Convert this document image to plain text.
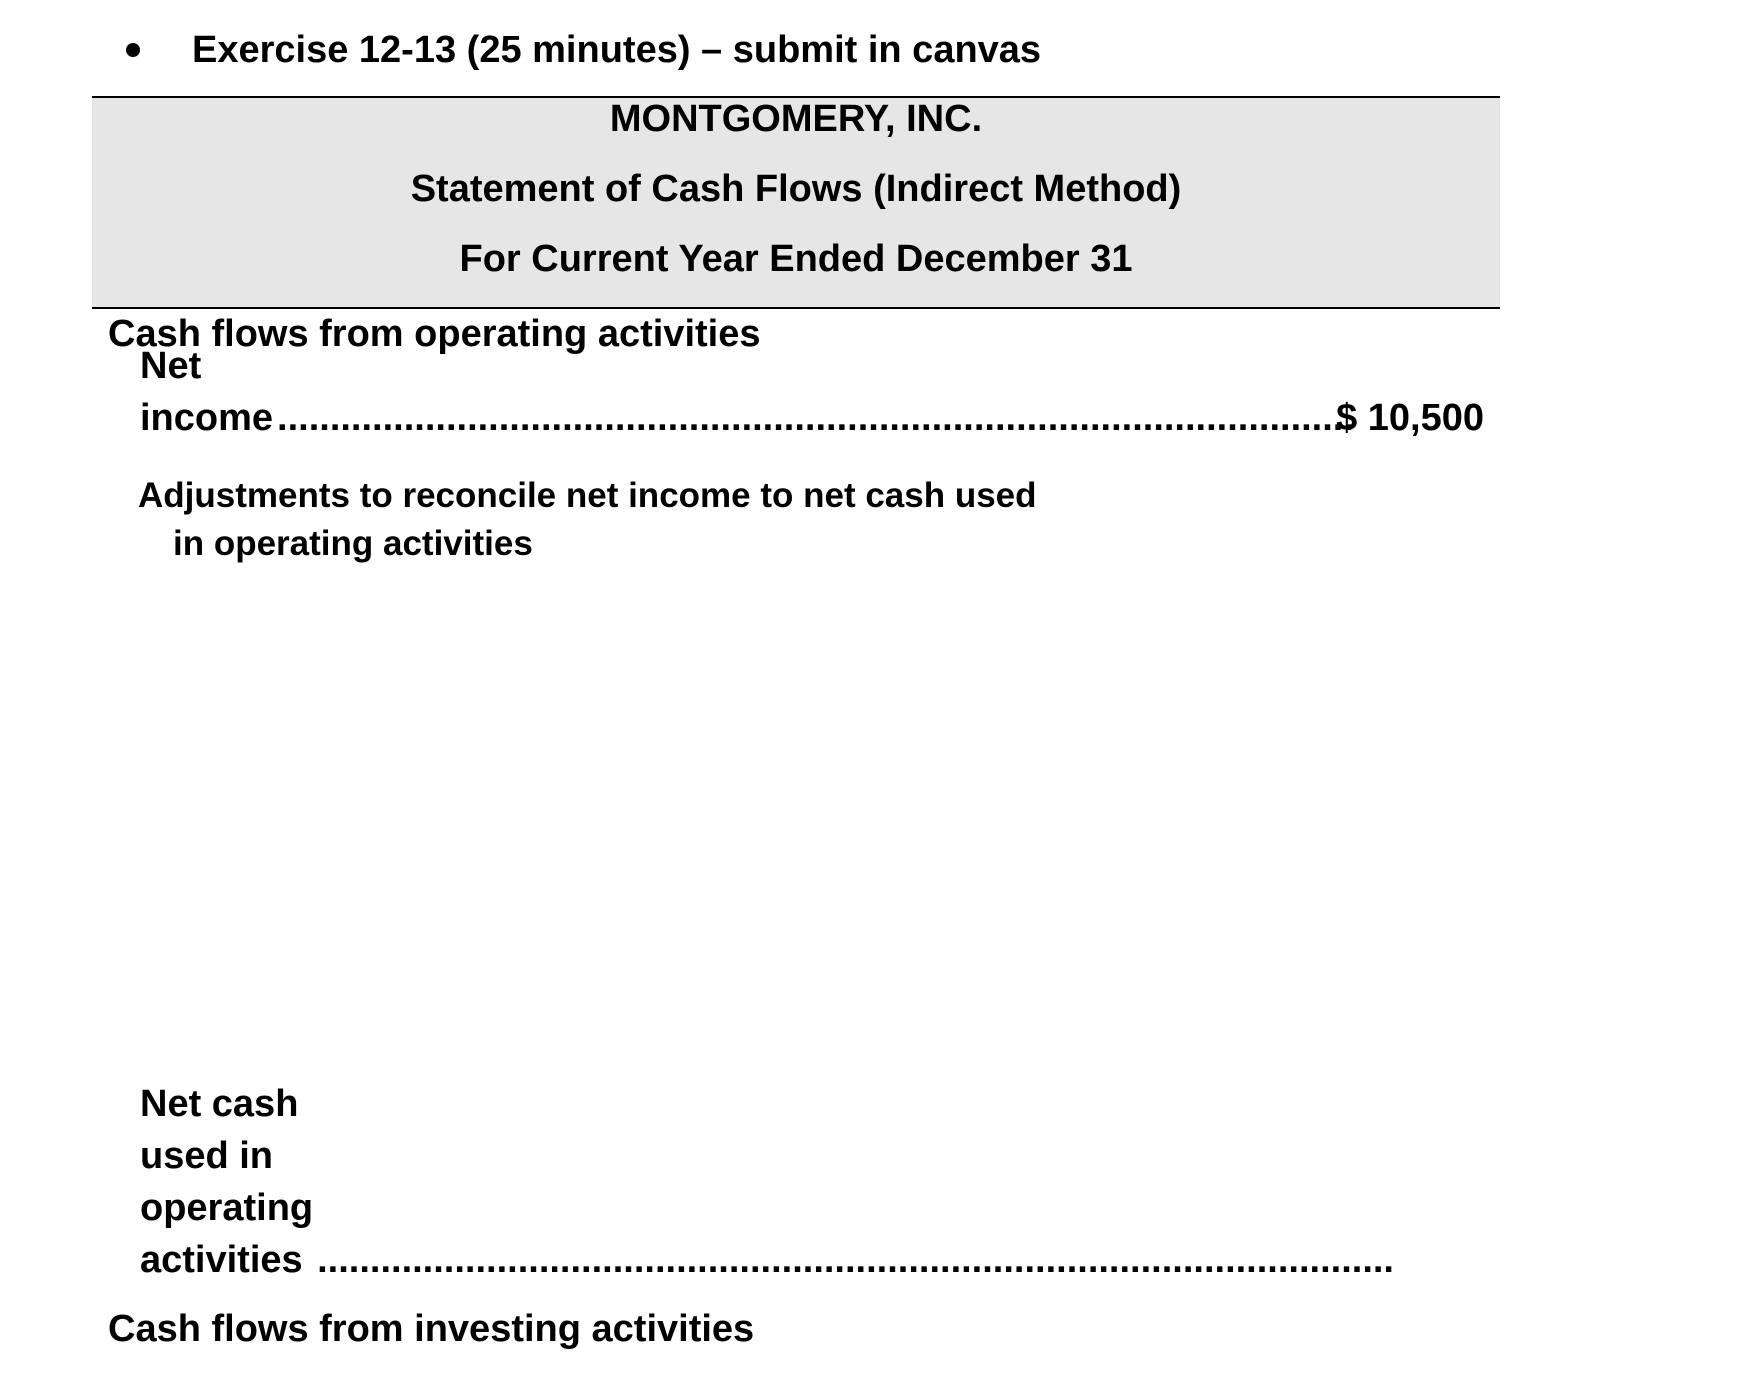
Exercise 12-13 (25 minutes) – submit in canvas
MONTGOMERY, INC.
Statement of Cash Flows (Indirect Method)
For Current Year Ended December 31
Cash flows from operating activities
Net income ......................................................................................................
$ 10,500
Adjustments to reconcile net income to net cash used
in operating activities
Net cash used in operating activities ......................................................................................................
Cash flows from investing activities
